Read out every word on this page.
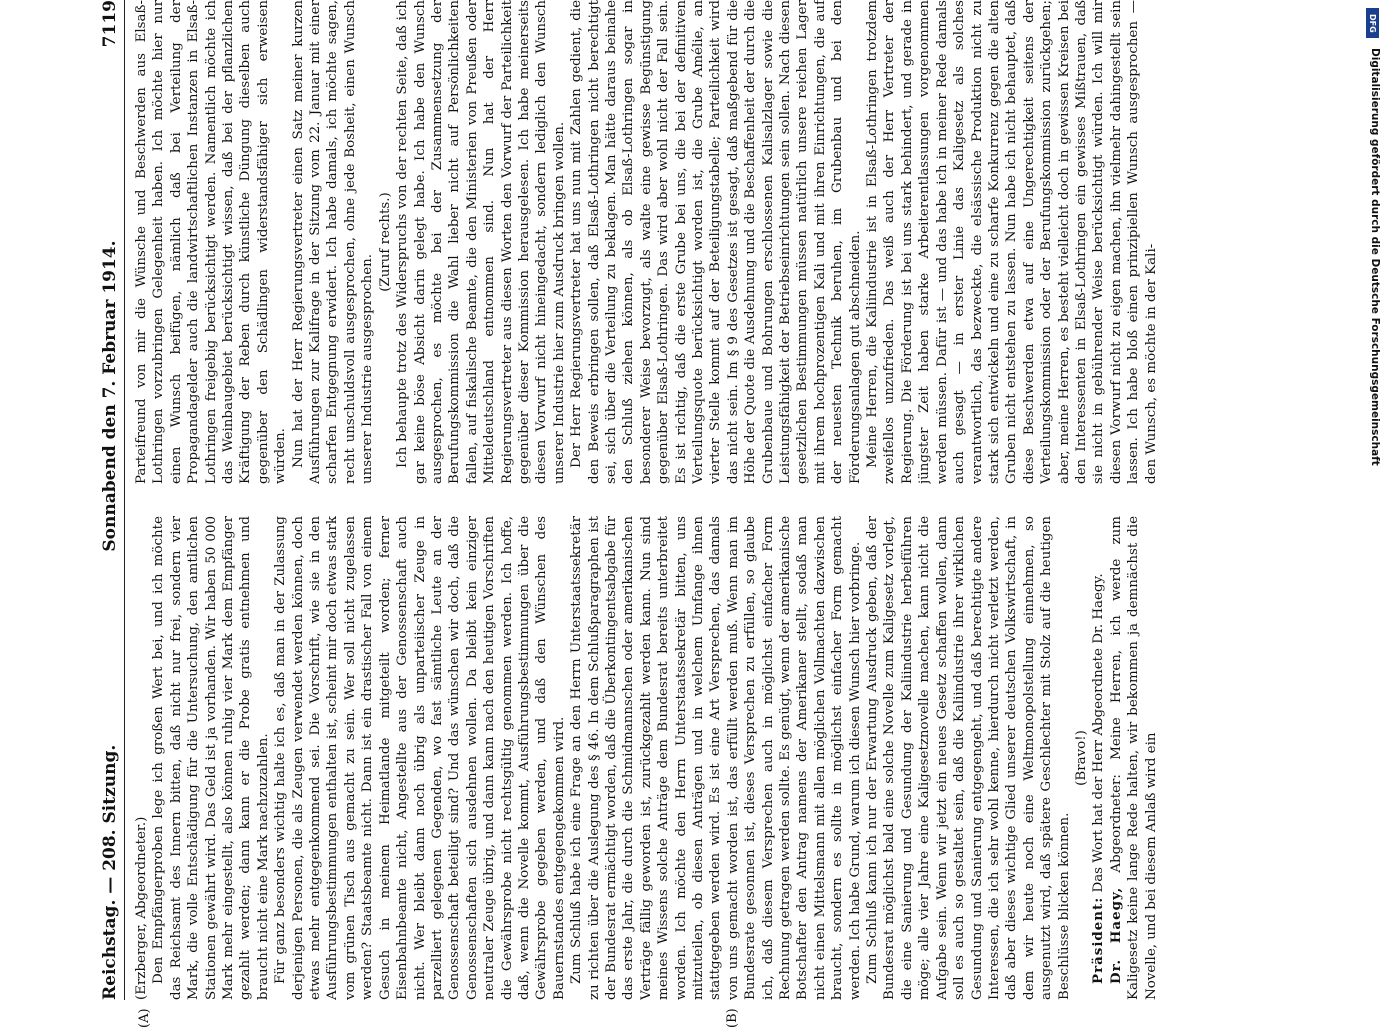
DFG
Digitalisierung gefördert durch die Deutsche Forschungsgemeinschaft
Reichstag. — 208. Sitzung.
Sonnabend den 7. Februar 1914.
7119
(A)	(B)

(Erzberger, Abgeordneter.) Den Empfängerproben lege ich großen Wert bei, und ich möchte das Reichsamt des Innern bitten, daß nicht nur frei, sondern vier Mark, die volle Entschädigung für die Untersuchung, den amtlichen Stationen gewährt wird. Das Geld ist ja vorhanden. Wir haben 50 000 Mark mehr eingestellt, also können ruhig vier Mark dem Empfänger gezahlt werden; dann kann er die Probe gratis entnehmen und braucht nicht eine Mark nachzuzahlen. Für ganz besonders wichtig halte ich es, daß man in der Zulassung derjenigen Personen, die als Zeugen verwendet werden können, doch etwas mehr entgegenkommend sei. Die Vorschrift, wie sie in den Ausführungsbestimmungen enthalten ist, scheint mir doch etwas stark vom grünen Tisch aus gemacht zu sein. Wer soll nicht zugelassen werden? Staatsbeamte nicht. Dann ist ein drastischer Fall von einem Gesuch in meinem Heimatlande mitgeteilt worden; ferner Eisenbahnbeamte nicht, Angestellte aus der Genossenschaft auch nicht. Wer bleibt dann noch übrig als unparteiischer Zeuge in parzelliert gelegenen Gegenden, wo fast sämtliche Leute an der Genossenschaft beteiligt sind? Und das wünschen wir doch, daß die Genossenschaften sich ausdehnen wollen. Da bleibt kein einziger neutraler Zeuge übrig, und dann kann nach den heutigen Vorschriften die Gewährsprobe nicht rechtsgültig genommen werden. Ich hoffe, daß, wenn die Novelle kommt, Ausführungsbestimmungen über die Gewährsprobe gegeben werden, und daß den Wünschen des Bauernstandes entgegengekommen wird. Zum Schluß habe ich eine Frage an den Herrn Unterstaatssekretär zu richten über die Auslegung des § 46. In dem Schlußparagraphen ist der Bundesrat ermächtigt worden, daß die Überkontingentsabgabe für das erste Jahr, die durch die Schmidmannschen oder amerikanischen Verträge fällig geworden ist, zurückgezahlt werden kann. Nun sind meines Wissens solche Anträge dem Bundesrat bereits unterbreitet worden. Ich möchte den Herrn Unterstaatssekretär bitten, uns mitzuteilen, ob diesen Anträgen und in welchem Umfange ihnen stattgegeben werden wird. Es ist eine Art Versprechen, das damals von uns gemacht worden ist, das erfüllt werden muß. Wenn man im Bundesrate gesonnen ist, dieses Versprechen zu erfüllen, so glaube ich, daß diesem Versprechen auch in möglichst einfacher Form Rechnung getragen werden sollte. Es genügt, wenn der amerikanische Botschafter den Antrag namens der Amerikaner stellt, sodaß man nicht einen Mittelsmann mit allen möglichen Vollmachten dazwischen braucht, sondern es sollte in möglichst einfacher Form gemacht werden. Ich habe Grund, warum ich diesen Wunsch hier vorbringe. Zum Schluß kann ich nur der Erwartung Ausdruck geben, daß der Bundesrat möglichst bald eine solche Novelle zum Kaligesetz vorlegt, die eine Sanierung und Gesundung der Kaliindustrie herbeiführen möge; alle vier Jahre eine Kaligesetznovelle machen, kann nicht die Aufgabe sein. Wenn wir jetzt ein neues Gesetz schaffen wollen, dann soll es auch so gestaltet sein, daß die Kaliindustrie ihrer wirklichen Gesundung und Sanierung entgegengeht, und daß berechtigte andere Interessen, die ich sehr wohl kenne, hierdurch nicht verletzt werden, daß aber dieses wichtige Glied unserer deutschen Volkswirtschaft, in dem wir heute noch eine Weltmonopolstellung einnehmen, so ausgenutzt wird, daß spätere Geschlechter mit Stolz auf die heutigen Beschlüsse blicken können.

(Bravo!)

Präsident: Das Wort hat der Herr Abgeordnete Dr. Haegy.

Dr. Haegy, Abgeordneter: Meine Herren, ich werde zum Kaligesetz keine lange Rede halten, wir bekommen ja demnächst die Novelle, und bei diesem Anlaß wird ein

Parteifreund von mir die Wünsche und Beschwerden aus Elsaß-Lothringen vorzubringen Gelegenheit haben. Ich möchte hier nur einen Wunsch beifügen, nämlich daß bei Verteilung der Propagandagelder auch die landwirtschaftlichen Instanzen in Elsaß-Lothringen freigebig berücksichtigt werden. Namentlich möchte ich das Weinbaugebiet berücksichtigt wissen, daß bei der pflanzlichen Kräftigung der Reben durch künstliche Düngung dieselben auch gegenüber den Schädlingen widerstandsfähiger sich erweisen würden. Nun hat der Herr Regierungsvertreter einen Satz meiner kurzen Ausführungen zur Kalifrage in der Sitzung vom 22. Januar mit einer scharfen Entgegnung erwidert. Ich habe damals, ich möchte sagen, recht unschuldsvoll ausgesprochen, ohne jede Bosheit, einen Wunsch unserer Industrie ausgesprochen.

(Zuruf rechts.) Ich behaupte trotz des Widerspruchs von der rechten Seite, daß ich gar keine böse Absicht darin gelegt habe. Ich habe den Wunsch ausgesprochen, es möchte bei der Zusammensetzung der Berufungskommission die Wahl lieber nicht auf Persönlichkeiten fallen, auf fiskalische Beamte, die den Ministerien von Preußen oder Mitteldeutschland entnommen sind. Nun hat der Herr Regierungsvertreter aus diesen Worten den Vorwurf der Parteilichkeit gegenüber dieser Kommission herausgelesen. Ich habe meinerseits diesen Vorwurf nicht hineingedacht, sondern lediglich den Wunsch unserer Industrie hier zum Ausdruck bringen wollen. Der Herr Regierungsvertreter hat uns nun mit Zahlen gedient, die den Beweis erbringen sollen, daß Elsaß-Lothringen nicht berechtigt sei, sich über die Verteilung zu beklagen. Man hätte daraus beinahe den Schluß ziehen können, als ob Elsaß-Lothringen sogar in besonderer Weise bevorzugt, als walte eine gewisse Begünstigung gegenüber Elsaß-Lothringen. Das wird aber wohl nicht der Fall sein. Es ist richtig, daß die erste Grube bei uns, die bei der definitiven Verteilungsquote berücksichtigt worden ist, die Grube Amélie, an vierter Stelle kommt auf der Beteiligungstabelle; Parteilichkeit wird das nicht sein. Im § 9 des Gesetzes ist gesagt, daß maßgebend für die Höhe der Quote die Ausdehnung und die Beschaffenheit der durch die Grubenbaue und Bohrungen erschlossenen Kalisalzlager sowie die Leistungsfähigkeit der Betriebseinrichtungen sein sollen. Nach diesen gesetzlichen Bestimmungen müssen natürlich unsere reichen Lager mit ihrem hochprozentigen Kali und mit ihren Einrichtungen, die auf der neuesten Technik beruhen, im Grubenbau und bei den Förderungsanlagen gut abschneiden. Meine Herren, die Kaliindustrie ist in Elsaß-Lothringen trotzdem zweifellos unzufrieden. Das weiß auch der Herr Vertreter der Regierung. Die Förderung ist bei uns stark behindert, und gerade in jüngster Zeit haben starke Arbeiterentlassungen vorgenommen werden müssen. Dafür ist — und das habe ich in meiner Rede damals auch gesagt — in erster Linie das Kaligesetz als solches verantwortlich, das bezweckte, die elsässische Produktion nicht zu stark sich entwickeln und eine zu scharfe Konkurrenz gegen die alten Gruben nicht entstehen zu lassen. Nun habe ich nicht behauptet, daß diese Beschwerden etwa auf eine Ungerechtigkeit seitens der Verteilungskommission oder der Berufungskommission zurückgehen; aber, meine Herren, es besteht vielleicht doch in gewissen Kreisen bei den Interessenten in Elsaß-Lothringen ein gewisses Mißtrauen, daß sie nicht in gebührender Weise berücksichtigt würden. Ich will mir diesen Vorwurf nicht zu eigen machen, ihn vielmehr dahingestellt sein lassen. Ich habe bloß einen prinzipiellen Wunsch ausgesprochen — den Wunsch, es möchte in der Kali-
